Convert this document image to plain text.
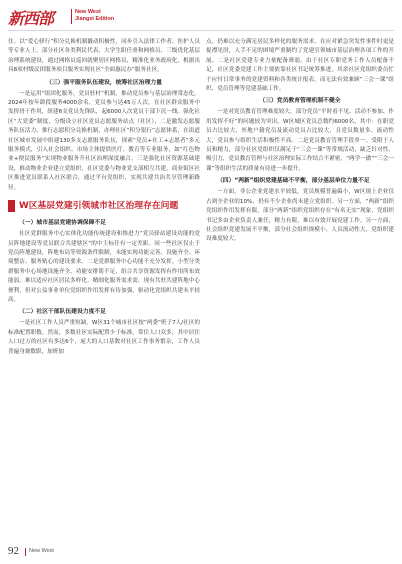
新西部	New West
Jiangxi Edition

住。以“爱心驿行”积分兑换机制撬动积极性，同步引入法律工作者、医护人员等专业人士，部分社区各类利民代表、大学生阳任重和网格员、三级优化基层治理系统建设，通过网格员巡回就聚居区网格员，精准化业务政府化，根据出具8项村级议团服务项目服务实现社区“全面惠民办”服务社区。

（三）强平服务队伍建设，统筹社区治理力量

一是运用“组团化服务、党员驻村”机制，推动党员参与基层治理常态化。2024年按年龄段服务4000余名，党员参与达45万人次，在社区群众服务中发挥骨干作用，组建6支党员先锋队，起6000人次党员干部下沉一线。强化社区“大党委”制度，分级设立社区党员志愿服务站点（社区），二是激发志愿服务队伍活力。推行志愿积分兑换机制，办理社区“积分银行”志愿体系，在街道社区城市发展中组建130多支志愿服务队伍，探索“党员+社工+志愿者”多元服务模式，引入社会组织、市场主体提供医疗、教育等专业服务，如“红色物业+便民服务”实现物业服务升社区治理深度融合。三是强化社区资源基础建设，推动物业企业建立党组织，社区党委与物业党支部相互共建，商业街区社区推进党员联系人社区联合，通过平台党组织，实现共建共治共享管理新路径。

W区基层党建引领城市社区治理存在问题
（一）城市基层党建协调保障不足

社区党群服务中心实体化功能传统建设和推进力“党员驿站建设功能的党员阵地建设等党员联合共建辖区”的中主标任有一定差距。同一些社区仅止于党员阵地建设，阵地布局等资源条件限制，未能实现功能完善、设施齐全、环境整洁、服务贴心的建设要求。二是党群服务中心功能不充分发挥。小型分类群服务中心场地设施齐全、功能安排简不足，组合共享资源发挥有作用所布效能弱，难以适应社区居民多样化、精细化服务需求需，现有共驻共建阵地中心便利，但对公益事业单位党组织作用发挥有待加强，驱动化党组织共建未平较高。

（二）社区干部队伍建设力度不足

一是社区工作人员严重短缺。W区31个城市社区按“两委”班子7人/社区的标准配置职数。然而，多数社区实际配置少于标准，常住人口众多，其中居住人口过万的社区有多达6个，庞大的人口基数对社区工作事务繁杂，工作人员普遍身兼数职，加班加

点，仍难以充分满足居民多样化的服务需求。在应对紧急突发性事件时更是捉襟见肘，人手不足的困境严重制约了党建引领城市基层治理各项工作的开展。二是社区党建专业力量配备薄弱。由于社区专职党务工作人员配备不足，社区党委党建工作主要依靠社区书记统筹推进，其余社区党组织委员忙于应付日常事务的党建资料和各类统计报表，而无法有效兼顾“三会一课”组织、党员管理等党建基础工作。

（三）党员教育管理机制不健全

一是对党员教育管理难度较大，部分党员“平时看不见、活动不参加、作用发挥不好”的问题较为突出。W区城区党员总数约6000名，其中：在职党员占比较大，外地户籍党员及流动党员占比较大，且党员数量多、流动性大，党员参与组织生活积极性不高。二是党员教育管理手段单一。受限于人员和精力，部分社区党组织仅满足于“三会一课”等常规活动，缺乏针对性、吸引力，党员教育管理与社区治理实际工作结合不紧密，“两学一做”“三会一课”等组织生活的质量有待进一步提升。

（四）“两新”组织党建基础不平衡，部分基层单位力量不足

一方面，非公企业党建水平较低，党员规模普遍偏小，W区规上企业仅占到全企业的10%，仍有不少企业尚未建立党组织。另一方面，“两新”组织党组织作用发挥有限，部分“两新”组织党组织存在“有名无实”现象，党组织书记多由企业负责人兼任，精力有限，难以有效开展党建工作。另一方面，社会组织党建发展不平衡，部分社会组织规模小、人员流动性大，党组织建设难度较大。

92 New West
